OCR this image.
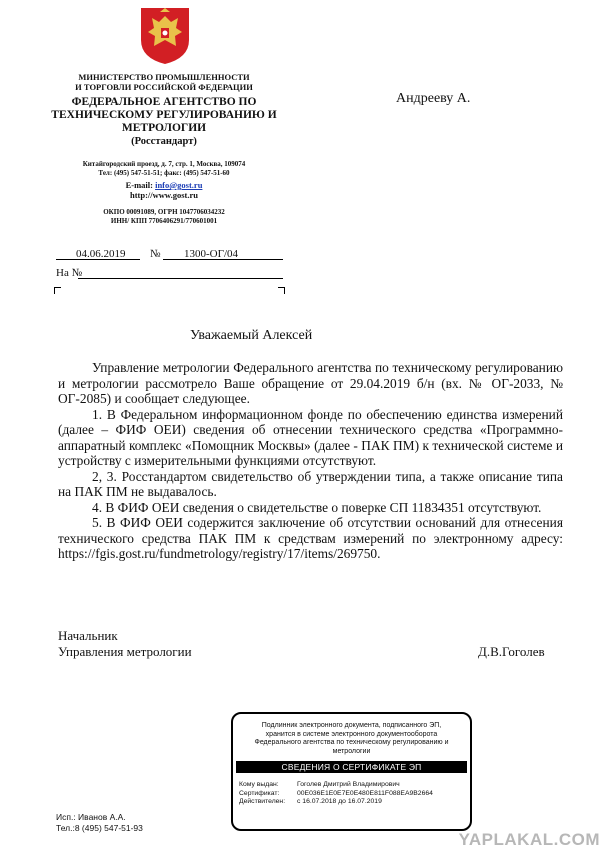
МИНИСТЕРСТВО ПРОМЫШЛЕННОСТИ
И ТОРГОВЛИ РОССИЙСКОЙ ФЕДЕРАЦИИ
ФЕДЕРАЛЬНОЕ АГЕНТСТВО ПО
ТЕХНИЧЕСКОМУ РЕГУЛИРОВАНИЮ И
МЕТРОЛОГИИ
(Росстандарт)
Китайгородский проезд, д. 7, стр. 1, Москва, 109074
Тел: (495) 547-51-51; факс: (495) 547-51-60
E-mail: info@gost.ru
http://www.gost.ru
ОКПО 00091089, ОГРН 1047706034232
ИНН/ КПП 7706406291/770601001
Андрееву А.
04.06.2019 № 1300-ОГ/04
На №
Уважаемый Алексей

Управление метрологии Федерального агентства по техническому регулированию и метрологии рассмотрело Ваше обращение от 29.04.2019 б/н (вх. № ОГ-2033, № ОГ-2085) и сообщает следующее.

1. В Федеральном информационном фонде по обеспечению единства измерений (далее – ФИФ ОЕИ) сведения об отнесении технического средства «Программно-аппаратный комплекс «Помощник Москвы» (далее - ПАК ПМ) к технической системе и устройству с измерительными функциями отсутствуют.

2, 3. Росстандартом свидетельство об утверждении типа, а также описание типа на ПАК ПМ не выдавалось.

4. В ФИФ ОЕИ сведения о свидетельстве о поверке СП 11834351 отсутствуют.

5. В ФИФ ОЕИ содержится заключение об отсутствии оснований для отнесения технического средства ПАК ПМ к средствам измерений по электронному адресу: https://fgis.gost.ru/fundmetrology/registry/17/items/269750.

Начальник
Управления метрологии	Д.В.Гоголев
Подлинник электронного документа, подписанного ЭП,
хранится в системе электронного документооборота
Федерального агентства по техническому регулированию и
метрологии
СВЕДЕНИЯ О СЕРТИФИКАТЕ ЭП
Кому выдан:	Гоголев Дмитрий Владимирович
Сертификат:	00E036E1E0E7E0E480E811F088EA9B2664
Действителен: с 16.07.2018 до 16.07.2019
Исп.: Иванов А.А.
Тел.:8 (495) 547-51-93
YAPLAKAL.COM
